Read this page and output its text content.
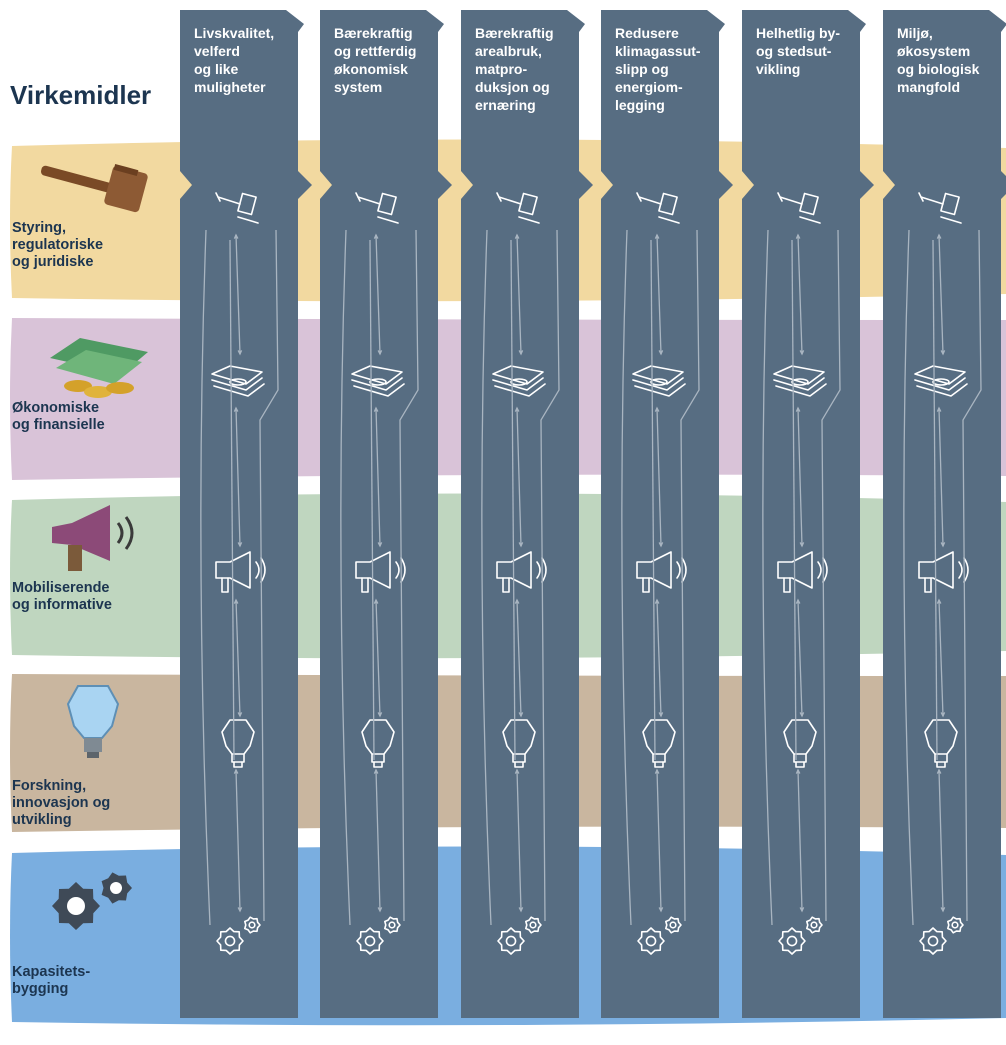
Livskvalitet, velferd og like muligheter
Bærekraftig og rettferdig økonomisk system
Bærekraftig arealbruk, matpro-duksjon og ernæring
Redusere klimagassut-slipp og energiom-legging
Helhetlig by-og stedsut-vikling
Miljø, økosystem og biologisk mangfold
Styring, regulatoriske og juridiske
Økonomiske og finansielle
Mobiliserende og informative
Forskning, innovasjon og utvikling
Kapasitets-bygging
Virkemidler
